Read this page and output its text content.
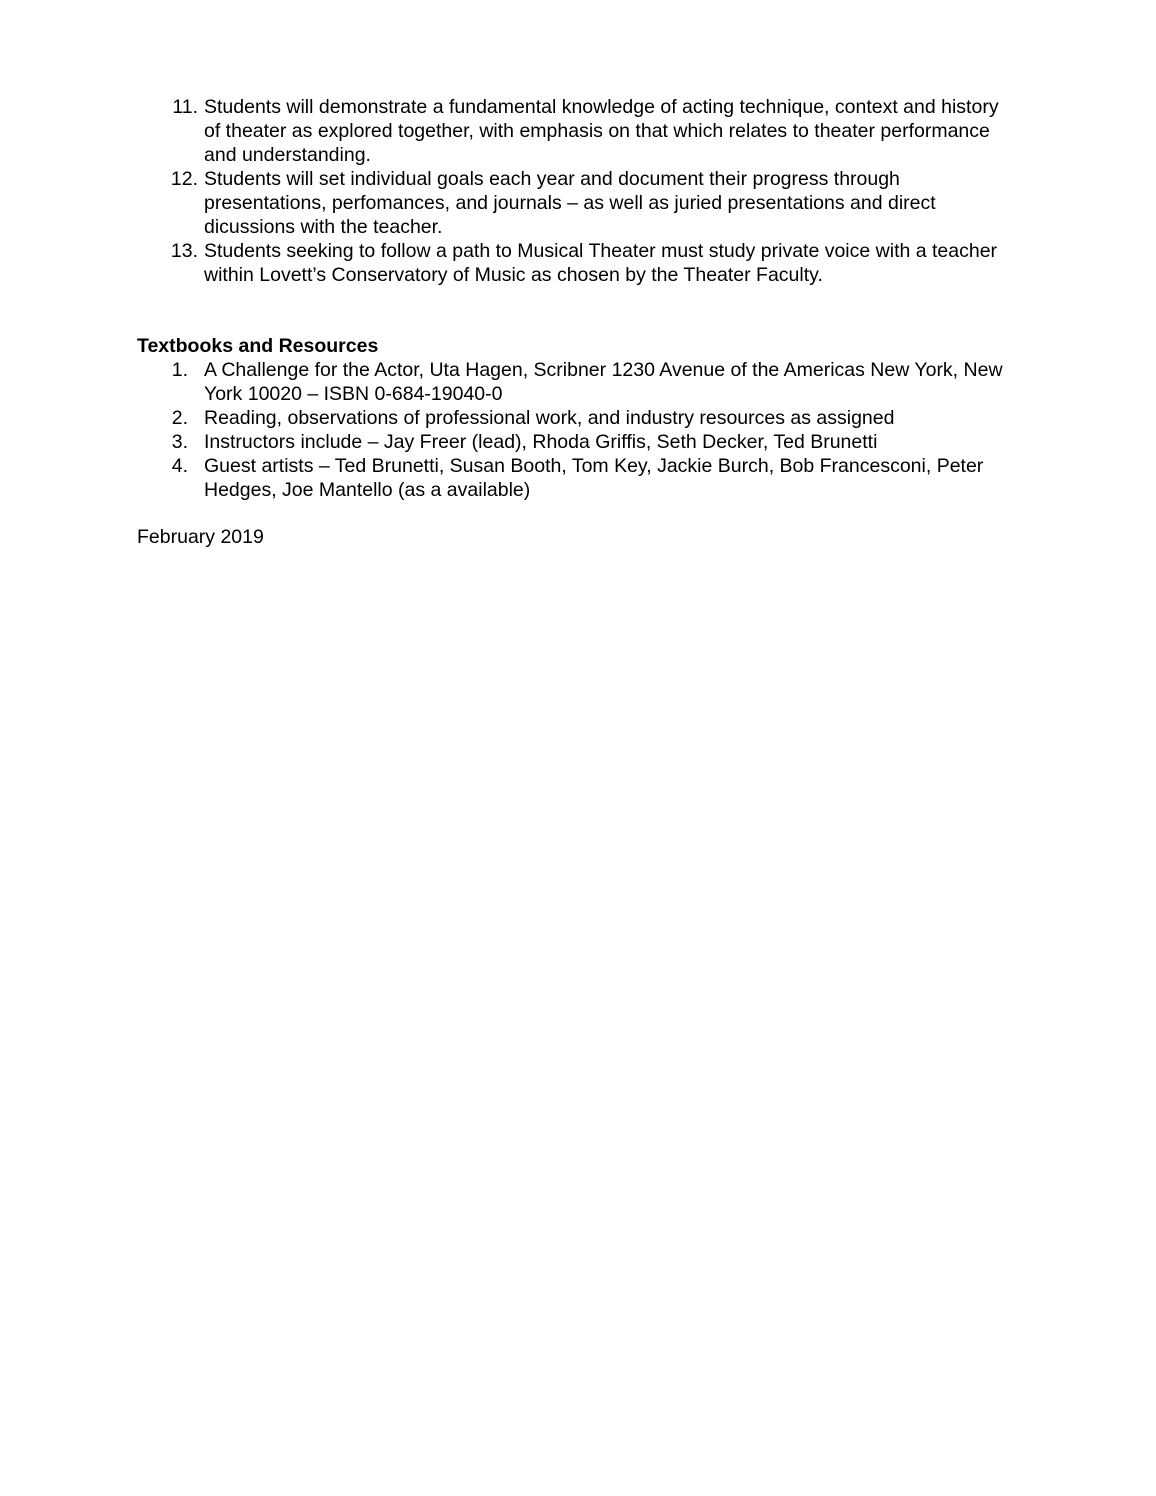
11. Students will demonstrate a fundamental knowledge of acting technique, context and history of theater as explored together, with emphasis on that which relates to theater performance and understanding.
12. Students will set individual goals each year and document their progress through presentations, perfomances, and journals – as well as juried presentations and direct dicussions with the teacher.
13. Students seeking to follow a path to Musical Theater must study private voice with a teacher within Lovett’s Conservatory of Music as chosen by the Theater Faculty.
Textbooks and Resources
1. A Challenge for the Actor, Uta Hagen, Scribner 1230 Avenue of the Americas New York, New York 10020 – ISBN 0-684-19040-0
2. Reading, observations of professional work, and industry resources as assigned
3. Instructors include – Jay Freer (lead), Rhoda Griffis, Seth Decker, Ted Brunetti
4. Guest artists – Ted Brunetti, Susan Booth, Tom Key, Jackie Burch, Bob Francesconi, Peter Hedges, Joe Mantello (as a available)

February 2019
